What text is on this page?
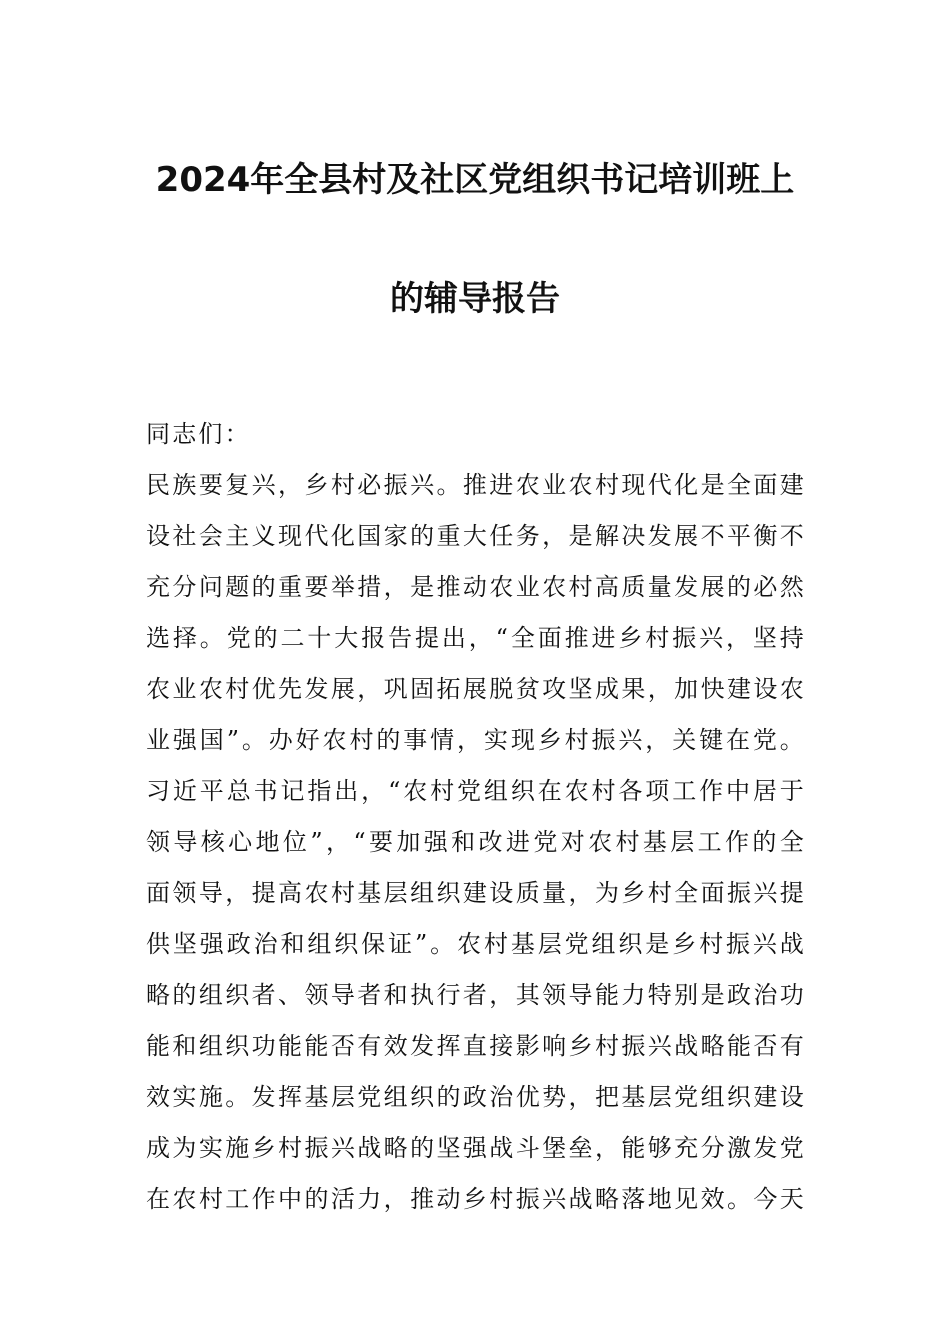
2024年全县村及社区党组织书记培训班上
的辅导报告
同志们：
民族要复兴，乡村必振兴。推进农业农村现代化是全面建
设社会主义现代化国家的重大任务，是解决发展不平衡不
充分问题的重要举措，是推动农业农村高质量发展的必然
选择。党的二十大报告提出，“全面推进乡村振兴，坚持
农业农村优先发展，巩固拓展脱贫攻坚成果，加快建设农
业强国”。办好农村的事情，实现乡村振兴，关键在党。
习近平总书记指出，“农村党组织在农村各项工作中居于
领导核心地位”，“要加强和改进党对农村基层工作的全
面领导，提高农村基层组织建设质量，为乡村全面振兴提
供坚强政治和组织保证”。农村基层党组织是乡村振兴战
略的组织者、领导者和执行者，其领导能力特别是政治功
能和组织功能能否有效发挥直接影响乡村振兴战略能否有
效实施。发挥基层党组织的政治优势，把基层党组织建设
成为实施乡村振兴战略的坚强战斗堡垒，能够充分激发党
在农村工作中的活力，推动乡村振兴战略落地见效。今天
